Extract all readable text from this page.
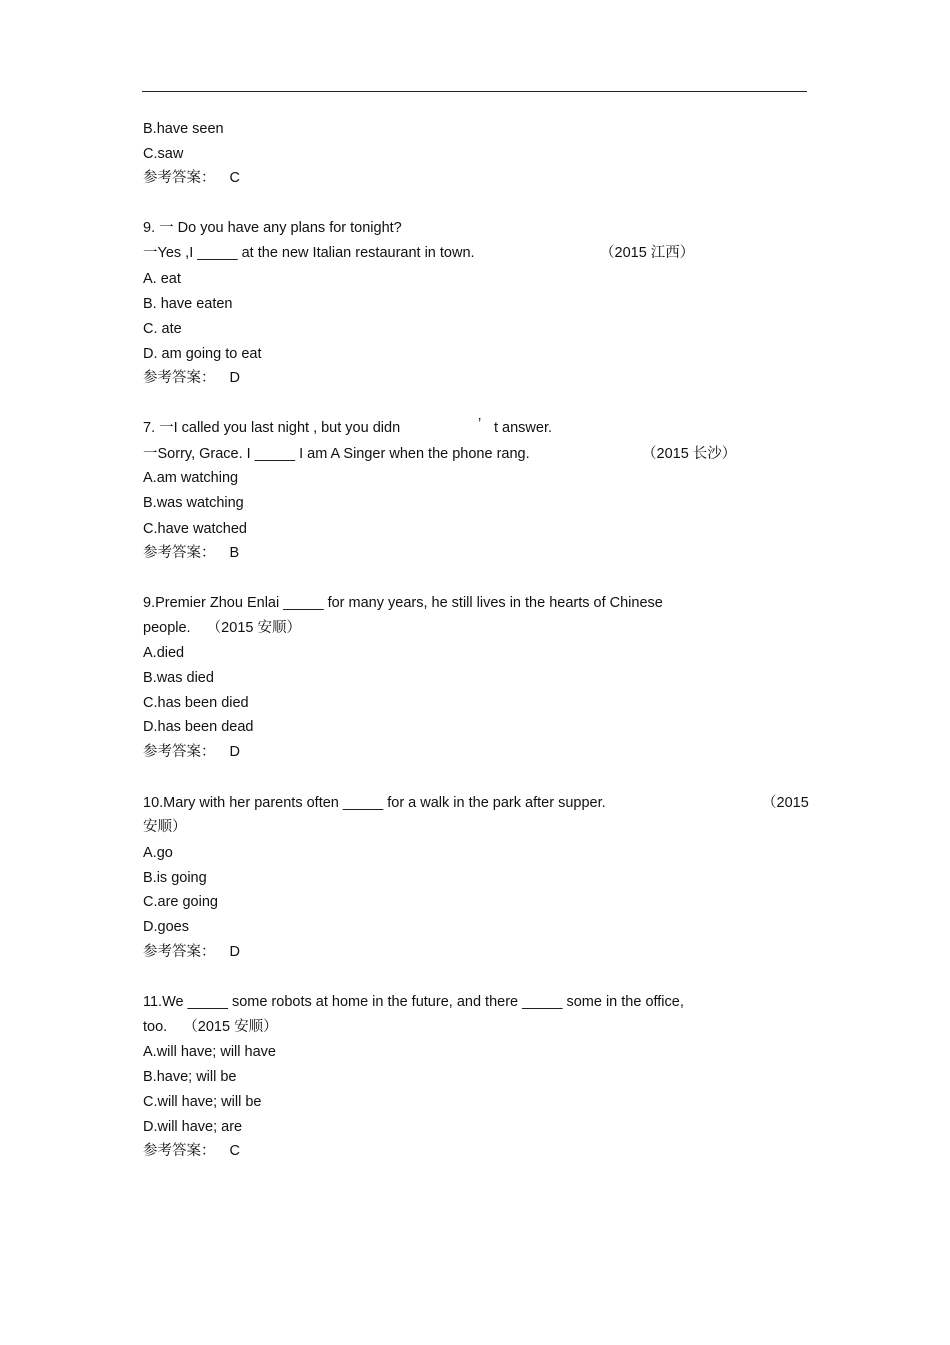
B.have seen
C.saw
参考答案： C
9. 一 Do you have any plans for tonight?
一Yes ,I _____ at the new Italian restaurant in town.	（2015 江西）
A. eat
B. have eaten
C. ate
D. am going to eat
参考答案： D
7. 一I called you last night , but you didn	’ t answer.
一Sorry, Grace. I _____ I am A Singer when the phone rang.	（2015 长沙）
A.am watching
B.was watching
C.have watched
参考答案： B
9.Premier Zhou Enlai _____ for many years, he still lives in the hearts of Chinese
people.    （2015 安顺）
A.died
B.was died
C.has been died
D.has been dead
参考答案： D
10.Mary with her parents often _____ for a walk in the park after supper.	（2015
安顺）
A.go
B.is going
C.are going
D.goes
参考答案： D
11.We _____ some robots at home in the future, and there _____ some in the office,
too.    （2015 安顺）
A.will have; will have
B.have; will be
C.will have; will be
D.will have; are
参考答案： C
